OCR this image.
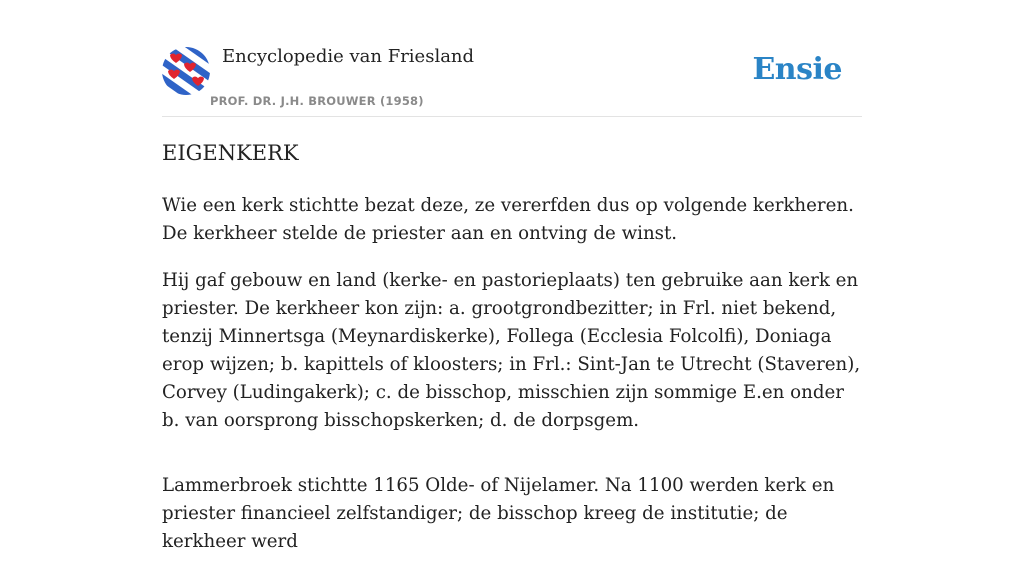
Encyclopedie van Friesland
PROF. DR. J.H. BROUWER (1958)
Ensie
EIGENKERK

Wie een kerk stichtte bezat deze, ze vererfden dus op volgende kerkheren. De kerkheer stelde de priester aan en ontving de winst.

Hij gaf gebouw en land (kerke- en pastorieplaats) ten gebruike aan kerk en priester. De kerkheer kon zijn: a. grootgrondbezitter; in Frl. niet bekend, tenzij Minnertsga (Meynardiskerke), Follega (Ecclesia Folcolfi), Doniaga erop wijzen; b. kapittels of kloosters; in Frl.: Sint-Jan te Utrecht (Staveren), Corvey (Ludingakerk); c. de bisschop, misschien zijn sommige E.en onder b. van oorsprong bisschopskerken; d. de dorpsgem.

Lammerbroek stichtte 1165 Olde- of Nijelamer. Na 1100 werden kerk en priester financieel zelfstandiger; de bisschop kreeg de institutie; de kerkheer werd
